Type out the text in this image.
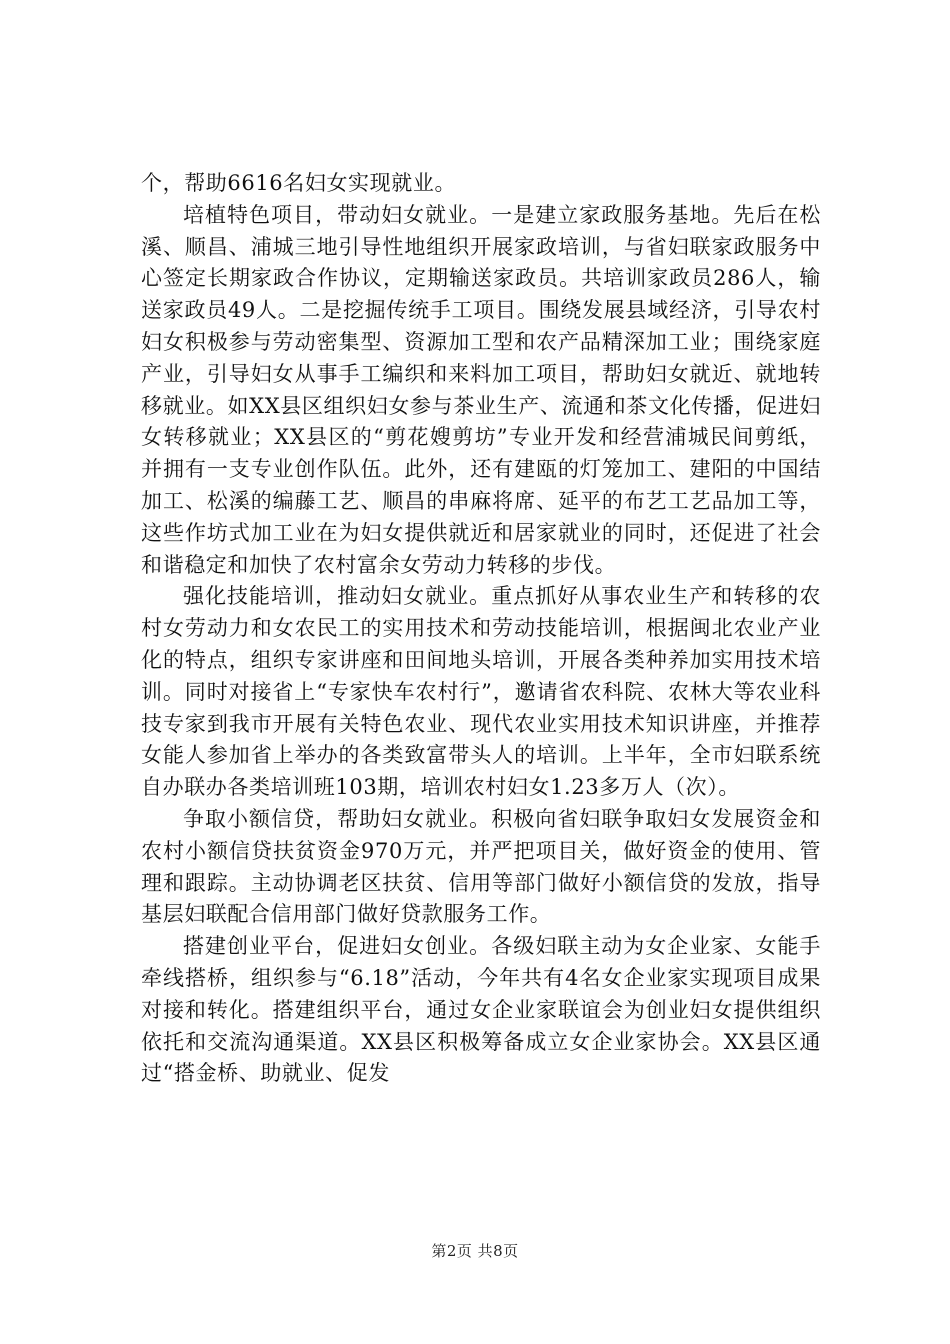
个，帮助6616名妇女实现就业。

培植特色项目，带动妇女就业。一是建立家政服务基地。先后在松溪、顺昌、浦城三地引导性地组织开展家政培训，与省妇联家政服务中心签定长期家政合作协议，定期输送家政员。共培训家政员286人，输送家政员49人。二是挖掘传统手工项目。围绕发展县域经济，引导农村妇女积极参与劳动密集型、资源加工型和农产品精深加工业；围绕家庭产业，引导妇女从事手工编织和来料加工项目，帮助妇女就近、就地转移就业。如XX县区组织妇女参与茶业生产、流通和茶文化传播，促进妇女转移就业；XX县区的“剪花嫂剪坊”专业开发和经营浦城民间剪纸，并拥有一支专业创作队伍。此外，还有建瓯的灯笼加工、建阳的中国结加工、松溪的编藤工艺、顺昌的串麻将席、延平的布艺工艺品加工等，这些作坊式加工业在为妇女提供就近和居家就业的同时，还促进了社会和谐稳定和加快了农村富余女劳动力转移的步伐。

强化技能培训，推动妇女就业。重点抓好从事农业生产和转移的农村女劳动力和女农民工的实用技术和劳动技能培训，根据闽北农业产业化的特点，组织专家讲座和田间地头培训，开展各类种养加实用技术培训。同时对接省上“专家快车农村行”，邀请省农科院、农林大等农业科技专家到我市开展有关特色农业、现代农业实用技术知识讲座，并推荐女能人参加省上举办的各类致富带头人的培训。上半年，全市妇联系统自办联办各类培训班103期，培训农村妇女1.23多万人（次）。

争取小额信贷，帮助妇女就业。积极向省妇联争取妇女发展资金和农村小额信贷扶贫资金970万元，并严把项目关，做好资金的使用、管理和跟踪。主动协调老区扶贫、信用等部门做好小额信贷的发放，指导基层妇联配合信用部门做好贷款服务工作。

搭建创业平台，促进妇女创业。各级妇联主动为女企业家、女能手牵线搭桥，组织参与“6.18”活动，今年共有4名女企业家实现项目成果对接和转化。搭建组织平台，通过女企业家联谊会为创业妇女提供组织依托和交流沟通渠道。XX县区积极筹备成立女企业家协会。XX县区通过“搭金桥、助就业、促发

第2页 共8页
